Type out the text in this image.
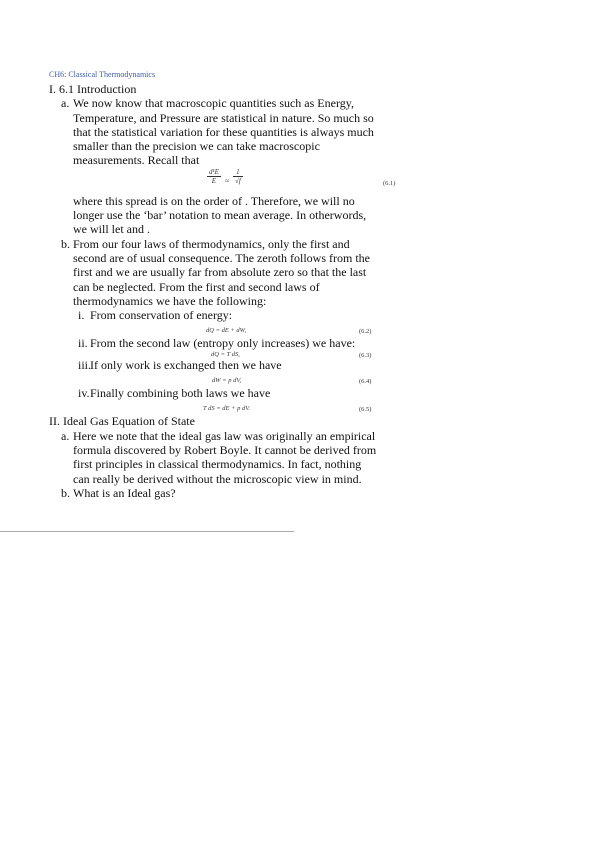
CH6: Classical Thermodynamics

I. 6.1 Introduction

a. We now know that macroscopic quantities such as Energy, Temperature, and Pressure are statistical in nature. So much so that the statistical variation for these quantities is always much smaller than the precision we can take macroscopic measurements. Recall that
$\frac{\text{d¹E}}{E} \approx \frac{1}{√f}$	(6.1)
where this spread is on the order of . Therefore, we will no longer use the ‘bar’ notation to mean average. In otherwords, we will let and .
b. From our four laws of thermodynamics, only the first and second are of usual consequence. The zeroth follows from the first and we are usually far from absolute zero so that the last can be neglected. From the first and second laws of thermodynamics we have the following:
i. From conservation of energy:
dQ = dE + dW,	(6.2)
ii. From the second law (entropy only increases) we have:
dQ = T dS,	(6.3)
iii.
If only work is exchanged then we have
dW = p dV,	(6.4)
iv. Finally combining both laws we have
T dS = dE + p dV.	(6.5)

II. Ideal Gas Equation of State

a. Here we note that the ideal gas law was originally an empirical formula discovered by Robert Boyle. It cannot be derived from first principles in classical thermodynamics. In fact, nothing can really be derived without the microscopic view in mind.
b. What is an Ideal gas?
